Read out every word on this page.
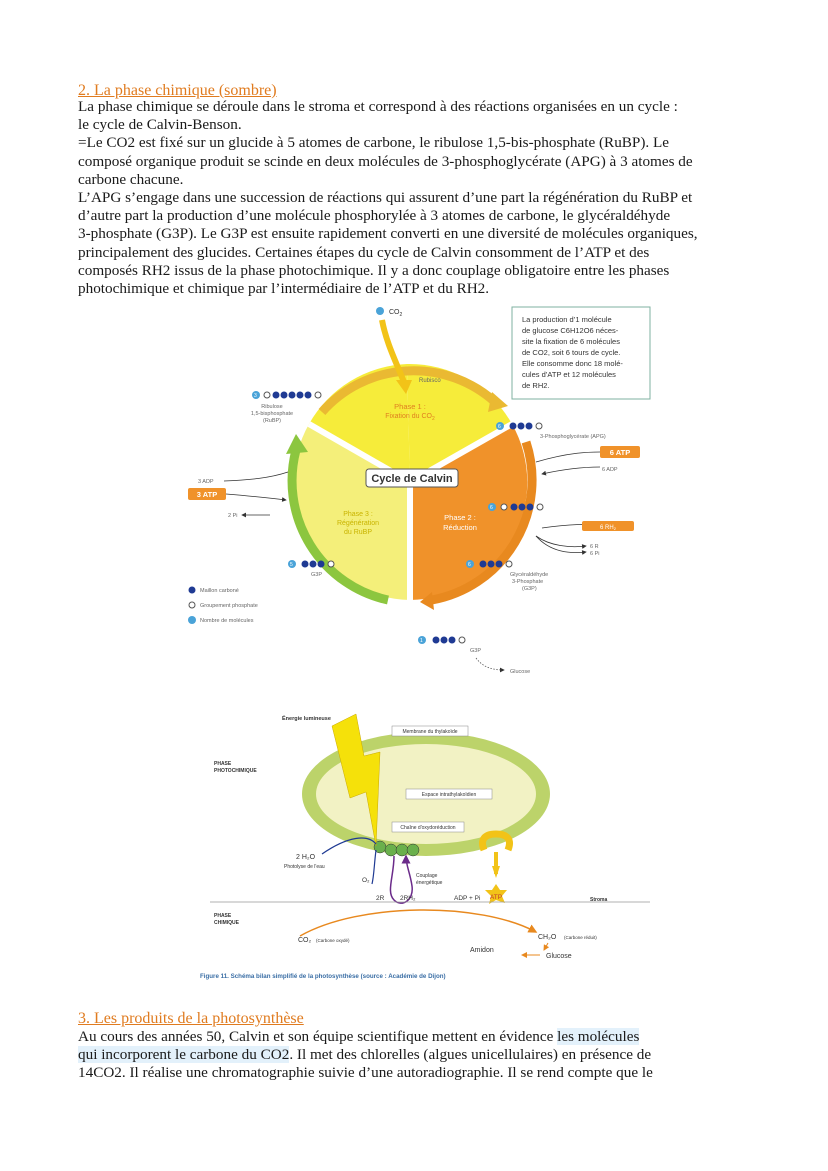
2. La phase chimique (sombre)

La phase chimique se déroule dans le stroma et correspond à des réactions organisées en un cycle :
le cycle de Calvin-Benson.
=Le CO2 est fixé sur un glucide à 5 atomes de carbone, le ribulose 1,5-bis-phosphate (RuBP). Le
composé organique produit se scinde en deux molécules de 3-phosphoglycérate (APG) à 3 atomes de
carbone chacune.
L’APG s’engage dans une succession de réactions qui assurent d’une part la régénération du RuBP et
d’autre part la production d’une molécule phosphorylée à 3 atomes de carbone, le glycéraldéhyde
3-phosphate (G3P). Le G3P est ensuite rapidement converti en une diversité de molécules organiques,
principalement des glucides. Certaines étapes du cycle de Calvin consomment de l’ATP et des
composés RH2 issus de la phase photochimique. Il y a donc couplage obligatoire entre les phases
photochimique et chimique par l’intermédiaire de l’ATP et du RH2.

$CO_2$
Rubisco
Phase 1 :
Fixation du $CO_2$
Phase 2 :
Réduction
Phase 3 :
Régénération
du RuBP
Cycle de Calvin
3
Ribulose
1,5-bisphosphate
(RuBP)
6
3-Phosphoglycérate (APG)
6 ATP
6 ADP
6
6 RH2
6 R
6 Pi
6
Glycéraldéhyde
3-Phosphate
(G3P)
3 ADP
3 ATP
2 Pi
5
G3P
Maillon carboné
Groupement phosphate
Nombre de molécules
1
G3P
Glucose
La production d’1 molécule
de glucose C6H12O6 néces-
site la fixation de 6 molécules
de CO2, soit 6 tours de cycle.
Elle consomme donc 18 molé-
cules d’ATP et 12 molécules
de RH2.
Énergie lumineuse
PHASE
PHOTOCHIMIQUE
Membrane du thylakoïde
Espace intrathylakoïdien
Chaîne d'oxydoréduction
2 H₂O
Photolyse de l'eau
O₂
Couplage
énergétique
2R 2RH₂	ADP + Pi ATP	Stroma
PHASE
CHIMIQUE
CO₂ (Carbone oxydé)	CH₂O (Carbone réduit)
Amidon
Glucose
Figure 11. Schéma bilan simplifié de la photosynthèse (source : Académie de Dijon)
3. Les produits de la photosynthèse

Au cours des années 50, Calvin et son équipe scientifique mettent en évidence les molécules
qui incorporent le carbone du CO2. Il met des chlorelles (algues unicellulaires) en présence de
14CO2. Il réalise une chromatographie suivie d’une autoradiographie. Il se rend compte que le
